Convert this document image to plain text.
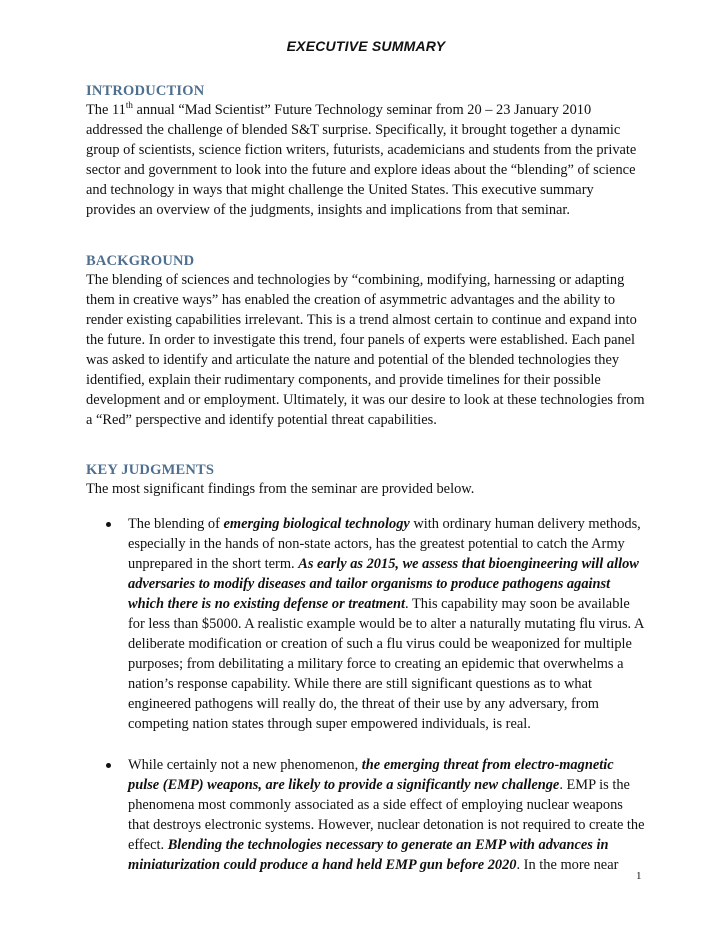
EXECUTIVE SUMMARY
INTRODUCTION

The 11th annual “Mad Scientist” Future Technology seminar from 20 – 23 January 2010 addressed the challenge of blended S&T surprise. Specifically, it brought together a dynamic group of scientists, science fiction writers, futurists, academicians and students from the private sector and government to look into the future and explore ideas about the “blending” of science and technology in ways that might challenge the United States. This executive summary provides an overview of the judgments, insights and implications from that seminar.

BACKGROUND

The blending of sciences and technologies by “combining, modifying, harnessing or adapting them in creative ways” has enabled the creation of asymmetric advantages and the ability to render existing capabilities irrelevant. This is a trend almost certain to continue and expand into the future. In order to investigate this trend, four panels of experts were established. Each panel was asked to identify and articulate the nature and potential of the blended technologies they identified, explain their rudimentary components, and provide timelines for their possible development and or employment. Ultimately, it was our desire to look at these technologies from a “Red” perspective and identify potential threat capabilities.

KEY JUDGMENTS

The most significant findings from the seminar are provided below.

The blending of emerging biological technology with ordinary human delivery methods, especially in the hands of non-state actors, has the greatest potential to catch the Army unprepared in the short term. As early as 2015, we assess that bioengineering will allow adversaries to modify diseases and tailor organisms to produce pathogens against which there is no existing defense or treatment. This capability may soon be available for less than $5000. A realistic example would be to alter a naturally mutating flu virus. A deliberate modification or creation of such a flu virus could be weaponized for multiple purposes; from debilitating a military force to creating an epidemic that overwhelms a nation’s response capability. While there are still significant questions as to what engineered pathogens will really do, the threat of their use by any adversary, from competing nation states through super empowered individuals, is real.
While certainly not a new phenomenon, the emerging threat from electro-magnetic pulse (EMP) weapons, are likely to provide a significantly new challenge. EMP is the phenomena most commonly associated as a side effect of employing nuclear weapons that destroys electronic systems. However, nuclear detonation is not required to create the effect. Blending the technologies necessary to generate an EMP with advances in miniaturization could produce a hand held EMP gun before 2020. In the more near
1
